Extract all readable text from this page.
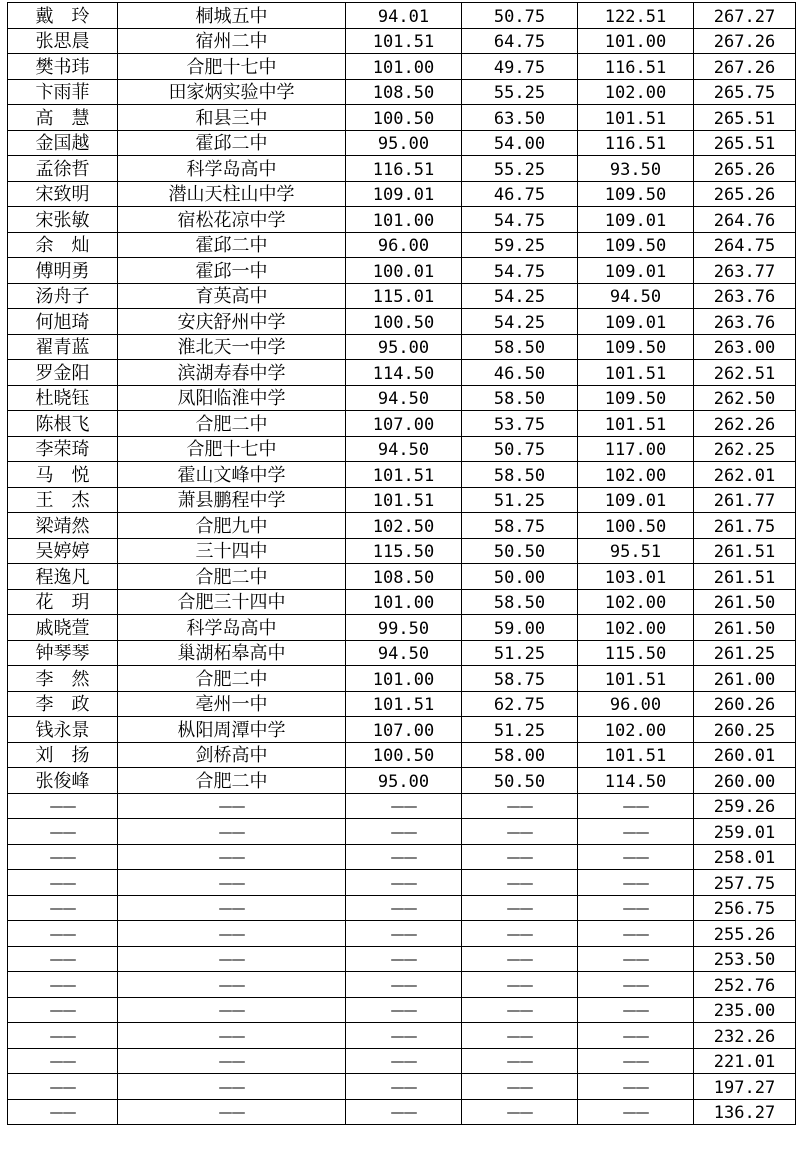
戴　玲	桐城五中	94.01	50.75	122.51	267.27
张思晨	宿州二中	101.51	64.75	101.00	267.26
樊书玮	合肥十七中	101.00	49.75	116.51	267.26
卞雨菲	田家炳实验中学	108.50	55.25	102.00	265.75
高　慧	和县三中	100.50	63.50	101.51	265.51
金国越	霍邱二中	95.00	54.00	116.51	265.51
孟徐哲	科学岛高中	116.51	55.25	93.50	265.26
宋致明	潜山天柱山中学	109.01	46.75	109.50	265.26
宋张敏	宿松花凉中学	101.00	54.75	109.01	264.76
余　灿	霍邱二中	96.00	59.25	109.50	264.75
傅明勇	霍邱一中	100.01	54.75	109.01	263.77
汤舟子	育英高中	115.01	54.25	94.50	263.76
何旭琦	安庆舒州中学	100.50	54.25	109.01	263.76
翟青蓝	淮北天一中学	95.00	58.50	109.50	263.00
罗金阳	滨湖寿春中学	114.50	46.50	101.51	262.51
杜晓钰	凤阳临淮中学	94.50	58.50	109.50	262.50
陈根飞	合肥二中	107.00	53.75	101.51	262.26
李荣琦	合肥十七中	94.50	50.75	117.00	262.25
马　悦	霍山文峰中学	101.51	58.50	102.00	262.01
王　杰	萧县鹏程中学	101.51	51.25	109.01	261.77
梁靖然	合肥九中	102.50	58.75	100.50	261.75
吴婷婷	三十四中	115.50	50.50	95.51	261.51
程逸凡	合肥二中	108.50	50.00	103.01	261.51
花　玥	合肥三十四中	101.00	58.50	102.00	261.50
戚晓萱	科学岛高中	99.50	59.00	102.00	261.50
钟琴琴	巢湖柘皋高中	94.50	51.25	115.50	261.25
李　然	合肥二中	101.00	58.75	101.51	261.00
李　政	亳州一中	101.51	62.75	96.00	260.26
钱永景	枞阳周潭中学	107.00	51.25	102.00	260.25
刘　扬	剑桥高中	100.50	58.00	101.51	260.01
张俊峰	合肥二中	95.00	50.50	114.50	260.00
——	——	——	——	——	259.26
——	——	——	——	——	259.01
——	——	——	——	——	258.01
——	——	——	——	——	257.75
——	——	——	——	——	256.75
——	——	——	——	——	255.26
——	——	——	——	——	253.50
——	——	——	——	——	252.76
——	——	——	——	——	235.00
——	——	——	——	——	232.26
——	——	——	——	——	221.01
——	——	——	——	——	197.27
——	——	——	——	——	136.27
